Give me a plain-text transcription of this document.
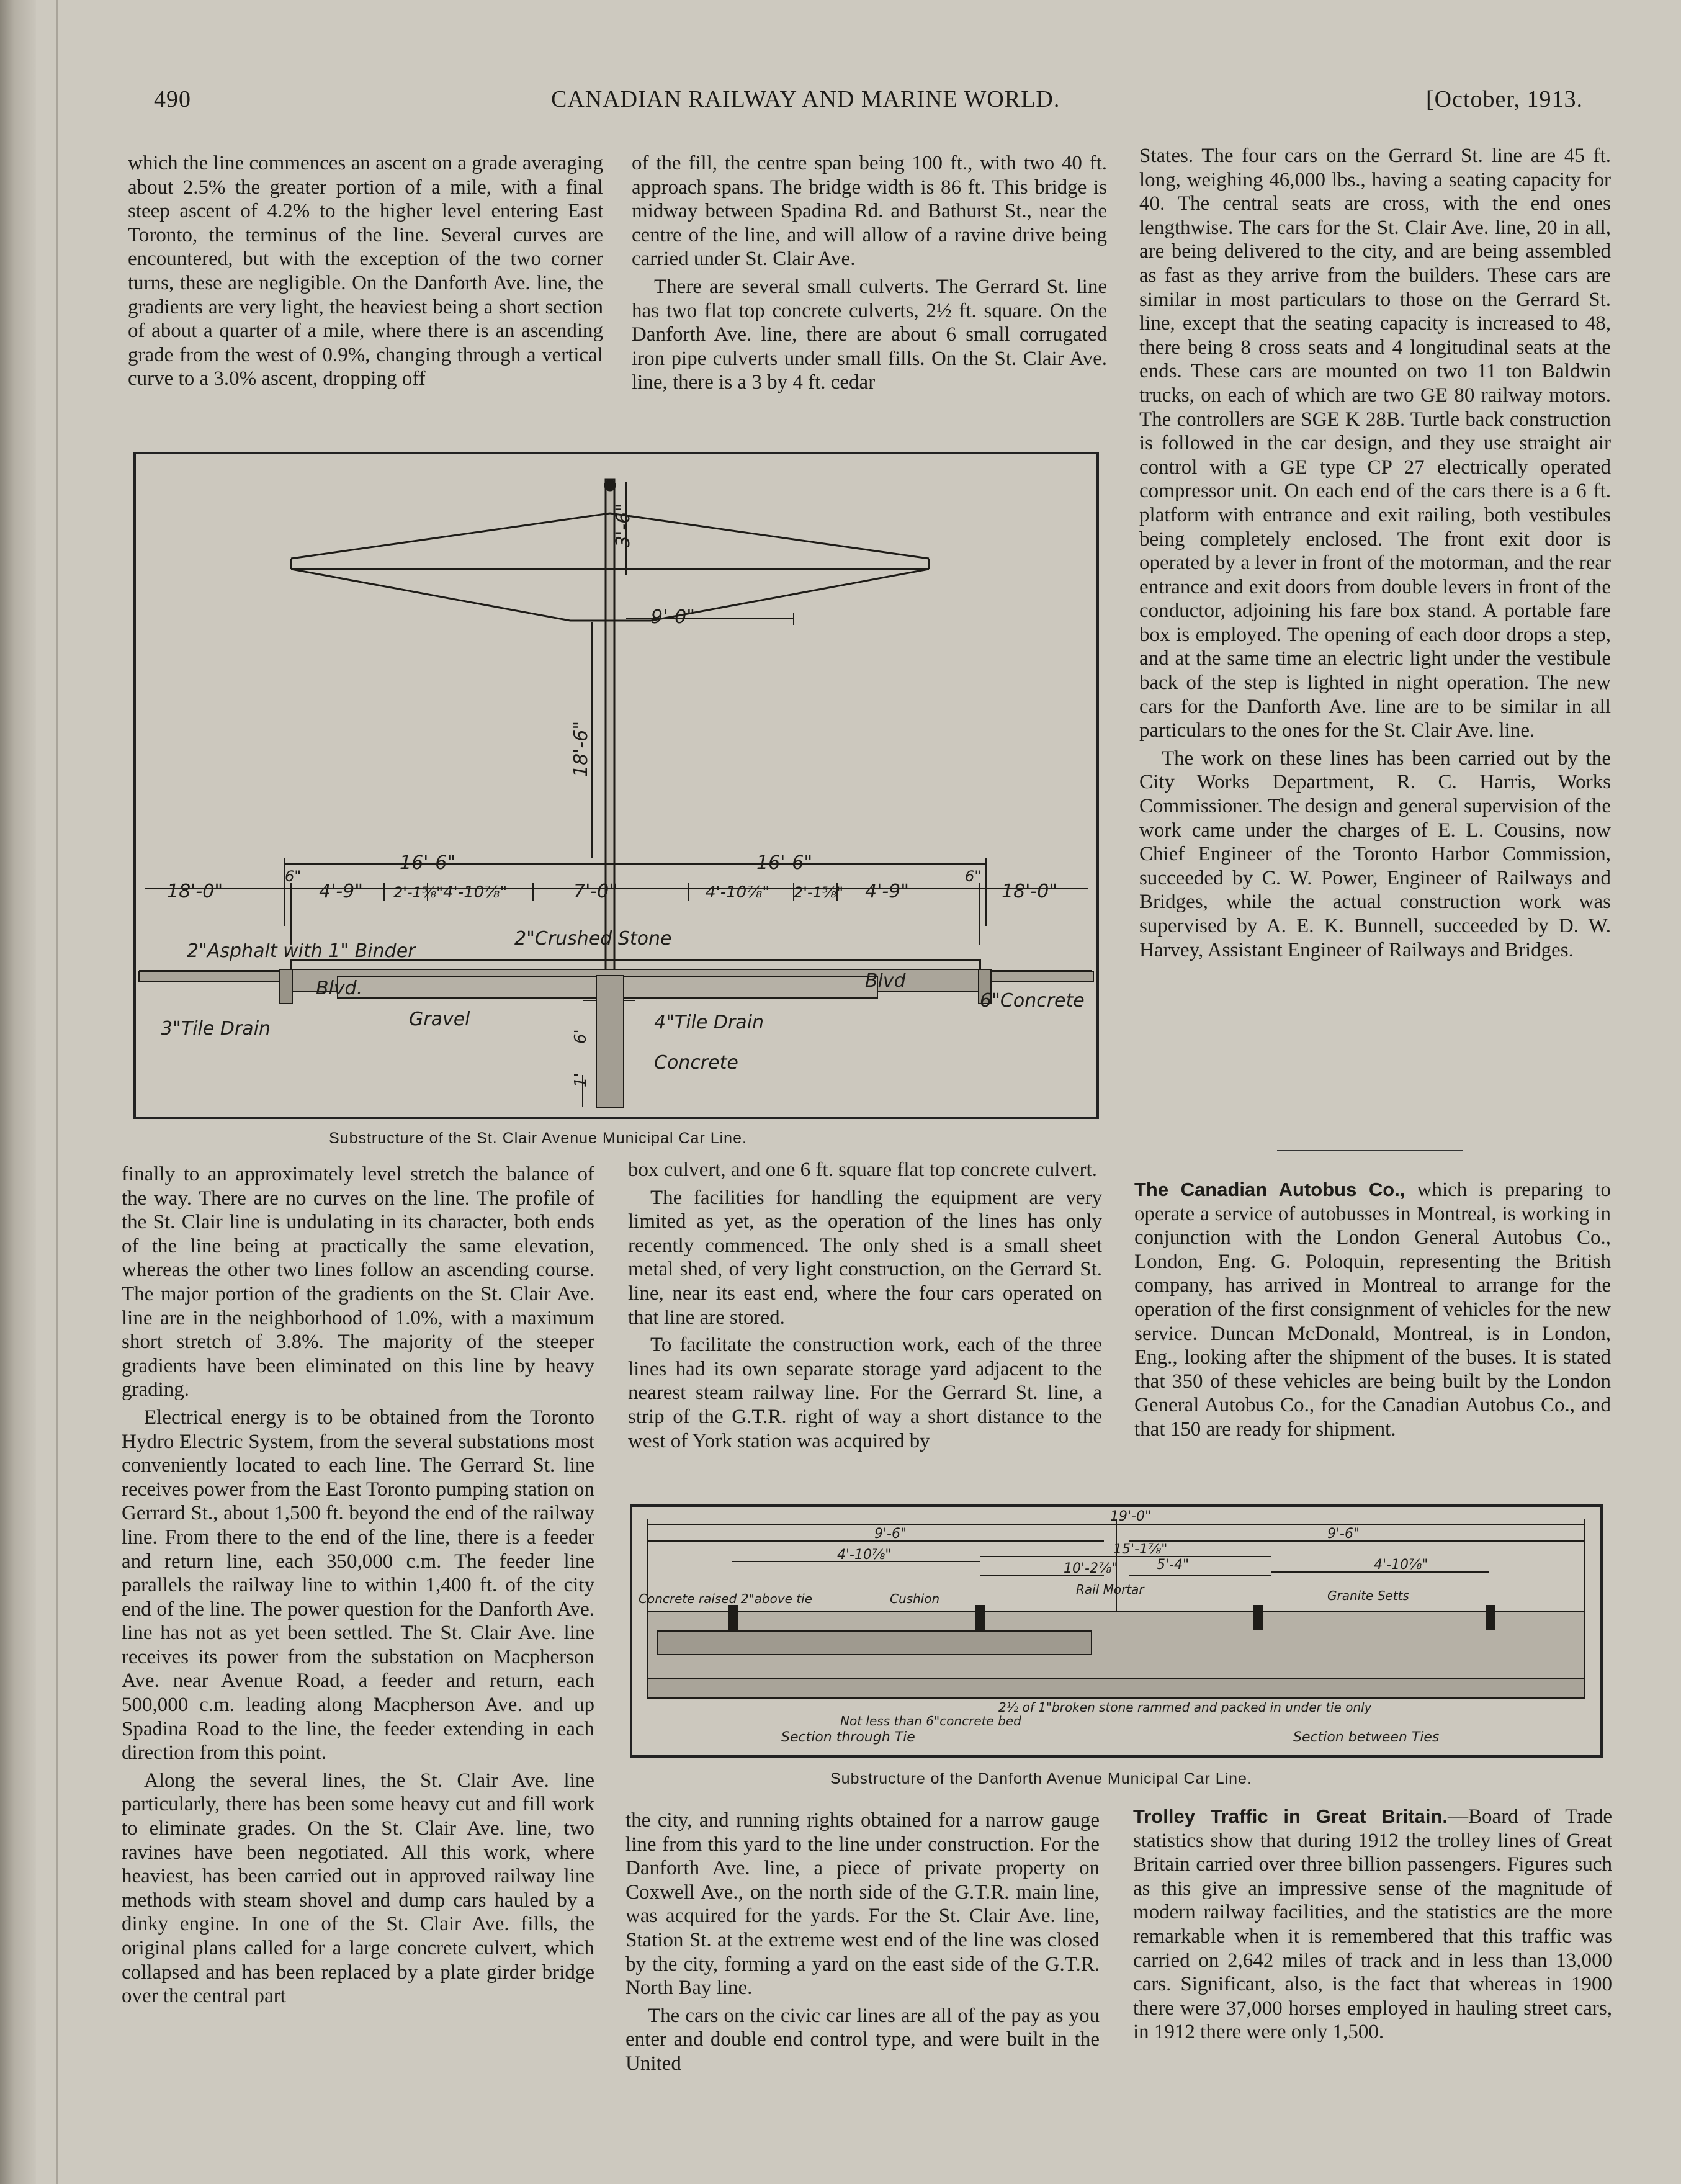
490	CANADIAN RAILWAY AND MARINE WORLD.	[October, 1913.

which the line commences an ascent on a grade averaging about 2.5% the greater portion of a mile, with a final steep ascent of 4.2% to the higher level entering East Toronto, the terminus of the line. Several curves are encountered, but with the exception of the two corner turns, these are negligible. On the Danforth Ave. line, the gradients are very light, the heaviest being a short section of about a quarter of a mile, where there is an ascending grade from the west of 0.9%, changing through a vertical curve to a 3.0% ascent, dropping off

of the fill, the centre span being 100 ft., with two 40 ft. approach spans. The bridge width is 86 ft. This bridge is midway between Spadina Rd. and Bathurst St., near the centre of the line, and will allow of a ravine drive being carried under St. Clair Ave.

There are several small culverts. The Gerrard St. line has two flat top concrete culverts, 2½ ft. square. On the Danforth Ave. line, there are about 6 small corrugated iron pipe culverts under small fills. On the St. Clair Ave. line, there is a 3 by 4 ft. cedar

States. The four cars on the Gerrard St. line are 45 ft. long, weighing 46,000 lbs., having a seating capacity for 40. The central seats are cross, with the end ones lengthwise. The cars for the St. Clair Ave. line, 20 in all, are being delivered to the city, and are being assembled as fast as they arrive from the builders. These cars are similar in most particulars to those on the Gerrard St. line, except that the seating capacity is increased to 48, there being 8 cross seats and 4 longitudinal seats at the ends. These cars are mounted on two 11 ton Baldwin trucks, on each of which are two GE 80 railway motors. The controllers are SGE K 28B. Turtle back construction is followed in the car design, and they use straight air control with a GE type CP 27 electrically operated compressor unit. On each end of the cars there is a 6 ft. platform with entrance and exit railing, both vestibules being completely enclosed. The front exit door is operated by a lever in front of the motorman, and the rear entrance and exit doors from double levers in front of the conductor, adjoining his fare box stand. A portable fare box is employed. The opening of each door drops a step, and at the same time an electric light under the vestibule back of the step is lighted in night operation. The new cars for the Danforth Ave. line are to be similar in all particulars to the ones for the St. Clair Ave. line.

The work on these lines has been carried out by the City Works Department, R. C. Harris, Works Commissioner. The design and general supervision of the work came under the charges of E. L. Cousins, now Chief Engineer of the Toronto Harbor Commission, succeeded by C. W. Power, Engineer of Railways and Bridges, while the actual construction work was supervised by A. E. K. Bunnell, succeeded by D. W. Harvey, Assistant Engineer of Railways and Bridges.

3'-6"
9'-0"
18'-6"
16'-6"	16'-6"
18'-0"	18'-0"
6"	6"
4'-9"	4'-9"
2'-1⅝"	2'-1⅝"
4'-10⅞"	4'-10⅞"
7'-0"
2"Asphalt with 1" Binder
2"Crushed Stone
Blvd.	Blvd
6"Concrete
3"Tile Drain	Gravel	4"Tile Drain
6'
1'
Concrete
Substructure of the St. Clair Avenue Municipal Car Line.

finally to an approximately level stretch the balance of the way. There are no curves on the line. The profile of the St. Clair line is undulating in its character, both ends of the line being at practically the same elevation, whereas the other two lines follow an ascending course. The major portion of the gradients on the St. Clair Ave. line are in the neighborhood of 1.0%, with a maximum short stretch of 3.8%. The majority of the steeper gradients have been eliminated on this line by heavy grading.

Electrical energy is to be obtained from the Toronto Hydro Electric System, from the several substations most conveniently located to each line. The Gerrard St. line receives power from the East Toronto pumping station on Gerrard St., about 1,500 ft. beyond the end of the railway line. From there to the end of the line, there is a feeder and return line, each 350,000 c.m. The feeder line parallels the railway line to within 1,400 ft. of the city end of the line. The power question for the Danforth Ave. line has not as yet been settled. The St. Clair Ave. line receives its power from the substation on Macpherson Ave. near Avenue Road, a feeder and return, each 500,000 c.m. leading along Macpherson Ave. and up Spadina Road to the line, the feeder extending in each direction from this point.

Along the several lines, the St. Clair Ave. line particularly, there has been some heavy cut and fill work to eliminate grades. On the St. Clair Ave. line, two ravines have been negotiated. All this work, where heaviest, has been carried out in approved railway line methods with steam shovel and dump cars hauled by a dinky engine. In one of the St. Clair Ave. fills, the original plans called for a large concrete culvert, which collapsed and has been replaced by a plate girder bridge over the central part

box culvert, and one 6 ft. square flat top concrete culvert.

The facilities for handling the equipment are very limited as yet, as the operation of the lines has only recently commenced. The only shed is a small sheet metal shed, of very light construction, on the Gerrard St. line, near its east end, where the four cars operated on that line are stored.

To facilitate the construction work, each of the three lines had its own separate storage yard adjacent to the nearest steam railway line. For the Gerrard St. line, a strip of the G.T.R. right of way a short distance to the west of York station was acquired by

The Canadian Autobus Co., which is preparing to operate a service of autobusses in Montreal, is working in conjunction with the London General Autobus Co., London, Eng. G. Poloquin, representing the British company, has arrived in Montreal to arrange for the operation of the first consignment of vehicles for the new service. Duncan McDonald, Montreal, is in London, Eng., looking after the shipment of the buses. It is stated that 350 of these vehicles are being built by the London General Autobus Co., for the Canadian Autobus Co., and that 150 are ready for shipment.

19'-0"
9'-6"	9'-6"
15'-1⅞"
4'-10⅞"
4'-10⅞"
5'-4"
10'-2⅞"
Concrete raised 2"above tie	Cushion
Rail Mortar	Granite Setts
2½ of 1"broken stone rammed and packed in under tie only
Not less than 6"concrete bed
Section through Tie	Section between Ties
Substructure of the Danforth Avenue Municipal Car Line.

the city, and running rights obtained for a narrow gauge line from this yard to the line under construction. For the Danforth Ave. line, a piece of private property on Coxwell Ave., on the north side of the G.T.R. main line, was acquired for the yards. For the St. Clair Ave. line, Station St. at the extreme west end of the line was closed by the city, forming a yard on the east side of the G.T.R. North Bay line.

The cars on the civic car lines are all of the pay as you enter and double end control type, and were built in the United

Trolley Traffic in Great Britain.—Board of Trade statistics show that during 1912 the trolley lines of Great Britain carried over three billion passengers. Figures such as this give an impressive sense of the magnitude of modern railway facilities, and the statistics are the more remarkable when it is remembered that this traffic was carried on 2,642 miles of track and in less than 13,000 cars. Significant, also, is the fact that whereas in 1900 there were 37,000 horses employed in hauling street cars, in 1912 there were only 1,500.
